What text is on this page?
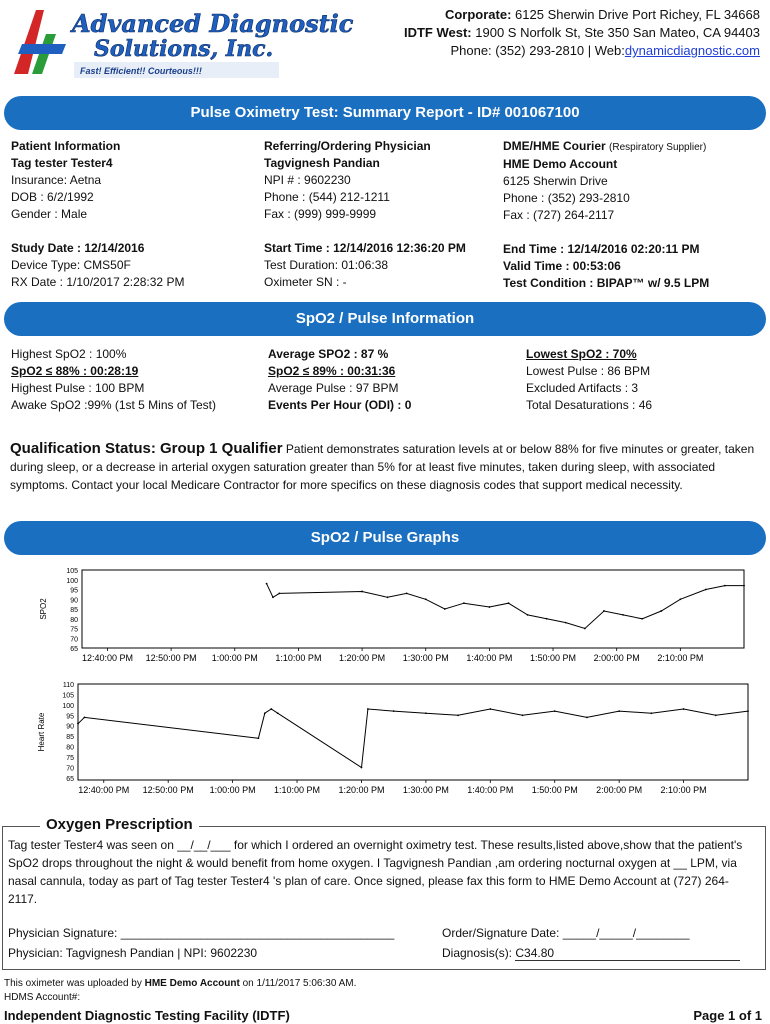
Advanced Diagnostic
Solutions, Inc.
Fast! Efficient!! Courteous!!!
Corporate: 6125 Sherwin Drive Port Richey, FL 34668
IDTF West: 1900 S Norfolk St, Ste 350 San Mateo, CA 94403
Phone: (352) 293-2810 | Web:dynamicdiagnostic.com
Pulse Oximetry Test: Summary Report - ID# 001067100
Patient Information
Tag tester Tester4
Insurance: Aetna
DOB : 6/2/1992
Gender : Male
Study Date : 12/14/2016
Device Type: CMS50F
RX Date : 1/10/2017 2:28:32 PM
Referring/Ordering Physician
Tagvignesh Pandian
NPI # : 9602230
Phone : (544) 212-1211
Fax : (999) 999-9999
Start Time : 12/14/2016 12:36:20 PM
Test Duration: 01:06:38
Oximeter SN : -
DME/HME Courier (Respiratory Supplier)
HME Demo Account
6125 Sherwin Drive
Phone : (352) 293-2810
Fax : (727) 264-2117
End Time : 12/14/2016 02:20:11 PM
Valid Time : 00:53:06
Test Condition : BIPAP™ w/ 9.5 LPM
SpO2 / Pulse Information
Highest SpO2 : 100%
SpO2 ≤ 88% : 00:28:19
Highest Pulse : 100 BPM
Awake SpO2 :99% (1st 5 Mins of Test)
Average SPO2 : 87 %
SpO2 ≤ 89% : 00:31:36
Average Pulse : 97 BPM
Events Per Hour (ODI) : 0
Lowest SpO2 : 70%
Lowest Pulse : 86 BPM
Excluded Artifacts : 3
Total Desaturations : 46
Qualification Status: Group 1 Qualifier Patient demonstrates saturation levels at or below 88% for five minutes or greater, taken during sleep, or a decrease in arterial oxygen saturation greater than 5% for at least five minutes, taken during sleep, with associated symptoms. Contact your local Medicare Contractor for more specifics on these diagnosis codes that support medical necessity.
SpO2 / Pulse Graphs
105
100
95
90
85
80
75
70
65
SPO2
12:40:00 PM 12:50:00 PM 1:00:00 PM 1:10:00 PM 1:20:00 PM 1:30:00 PM 1:40:00 PM 1:50:00 PM 2:00:00 PM 2:10:00 PM
110
105
100
95
90
85
80
75
70
65
Heart Rate
12:40:00 PM 12:50:00 PM 1:00:00 PM 1:10:00 PM 1:20:00 PM 1:30:00 PM 1:40:00 PM 1:50:00 PM 2:00:00 PM 2:10:00 PM
Oxygen Prescription
Tag tester Tester4 was seen on __/__/___ for which I ordered an overnight oximetry test. These results,listed above,show that the patient's SpO2 drops throughout the night & would benefit from home oxygen. I Tagvignesh Pandian ,am ordering nocturnal oxygen at __ LPM, via nasal cannula, today as part of Tag tester Tester4 's plan of care. Once signed, please fax this form to HME Demo Account at (727) 264-2117.
Physician Signature: _________________________________________
Physician: Tagvignesh Pandian | NPI: 9602230
Order/Signature Date: _____/_____/________
Diagnosis(s): C34.80
This oximeter was uploaded by HME Demo Account on 1/11/2017 5:06:30 AM.
HDMS Account#:
Independent Diagnostic Testing Facility (IDTF)	Page 1 of 1
